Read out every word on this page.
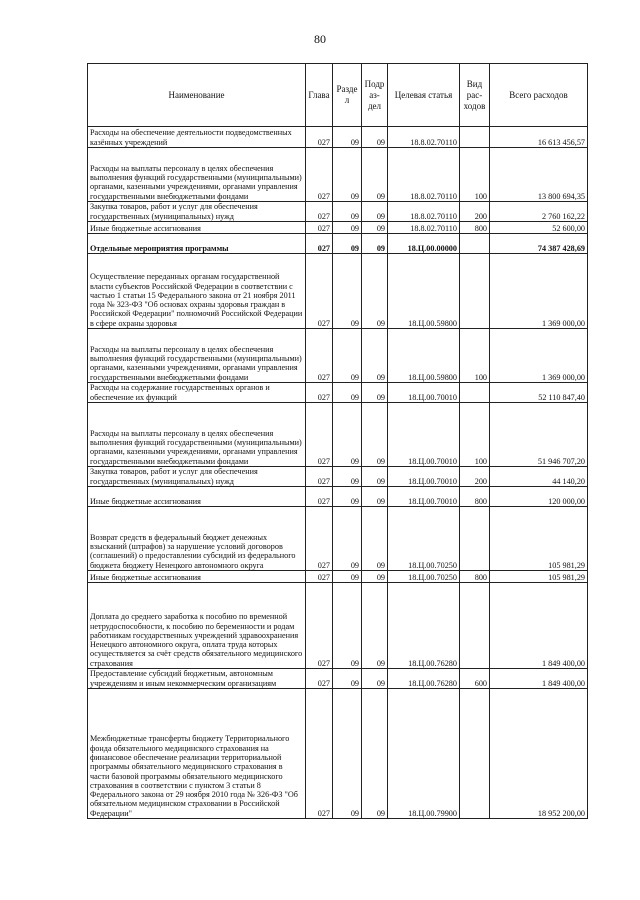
80
Наименование	Глава	Разде л	Подр аз- дел	Целевая статья	Вид рас- ходов	Всего расходов
Расходы на обеспечение деятельности подведомственных казённых учреждений	027	09	09	18.8.02.70110		16 613 456,57
Расходы на выплаты персоналу в целях обеспечения выполнения функций государственными (муниципальными) органами, казенными учреждениями, органами управления государственными внебюджетными фондами	027	09	09	18.8.02.70110	100	13 800 694,35
Закупка товаров, работ и услуг для обеспечения государственных (муниципальных) нужд	027	09	09	18.8.02.70110	200	2 760 162,22
Иные бюджетные ассигнования	027	09	09	18.8.02.70110	800	52 600,00
Отдельные мероприятия программы	027	09	09	18.Ц.00.00000		74 387 428,69
Осуществление переданных органам государственной власти субъектов Российской Федерации в соответствии с частью 1 статьи 15 Федерального закона от 21 ноября 2011 года № 323-ФЗ "Об основах охраны здоровья граждан в Российской Федерации" полномочий Российской Федерации в сфере охраны здоровья	027	09	09	18.Ц.00.59800		1 369 000,00
Расходы на выплаты персоналу в целях обеспечения выполнения функций государственными (муниципальными) органами, казенными учреждениями, органами управления государственными внебюджетными фондами	027	09	09	18.Ц.00.59800	100	1 369 000,00
Расходы на содержание государственных органов и обеспечение их функций	027	09	09	18.Ц.00.70010		52 110 847,40
Расходы на выплаты персоналу в целях обеспечения выполнения функций государственными (муниципальными) органами, казенными учреждениями, органами управления государственными внебюджетными фондами	027	09	09	18.Ц.00.70010	100	51 946 707,20
Закупка товаров, работ и услуг для обеспечения государственных (муниципальных) нужд	027	09	09	18.Ц.00.70010	200	44 140,20
Иные бюджетные ассигнования	027	09	09	18.Ц.00.70010	800	120 000,00
Возврат средств в федеральный бюджет денежных взысканий (штрафов) за нарушение условий договоров (соглашений) о предоставлении субсидий из федерального бюджета бюджету Ненецкого автономного округа	027	09	09	18.Ц.00.70250		105 981,29
Иные бюджетные ассигнования	027	09	09	18.Ц.00.70250	800	105 981,29
Доплата до среднего заработка к пособию по временной нетрудоспособности, к пособию по беременности и родам работникам государственных учреждений здравоохранения Ненецкого автономного округа, оплата труда которых осуществляется за счёт средств обязательного медицинского страхования	027	09	09	18.Ц.00.76280		1 849 400,00
Предоставление субсидий бюджетным, автономным учреждениям и иным некоммерческим организациям	027	09	09	18.Ц.00.76280	600	1 849 400,00
Межбюджетные трансферты бюджету Территориального фонда обязательного медицинского страхования на финансовое обеспечение реализации территориальной программы обязательного медицинского страхования в части базовой программы обязательного медицинского страхования в соответствии с пунктом 3 статьи 8 Федерального закона от 29 ноября 2010 года № 326-ФЗ "Об обязательном медицинском страховании в Российской Федерации"	027	09	09	18.Ц.00.79900		18 952 200,00
